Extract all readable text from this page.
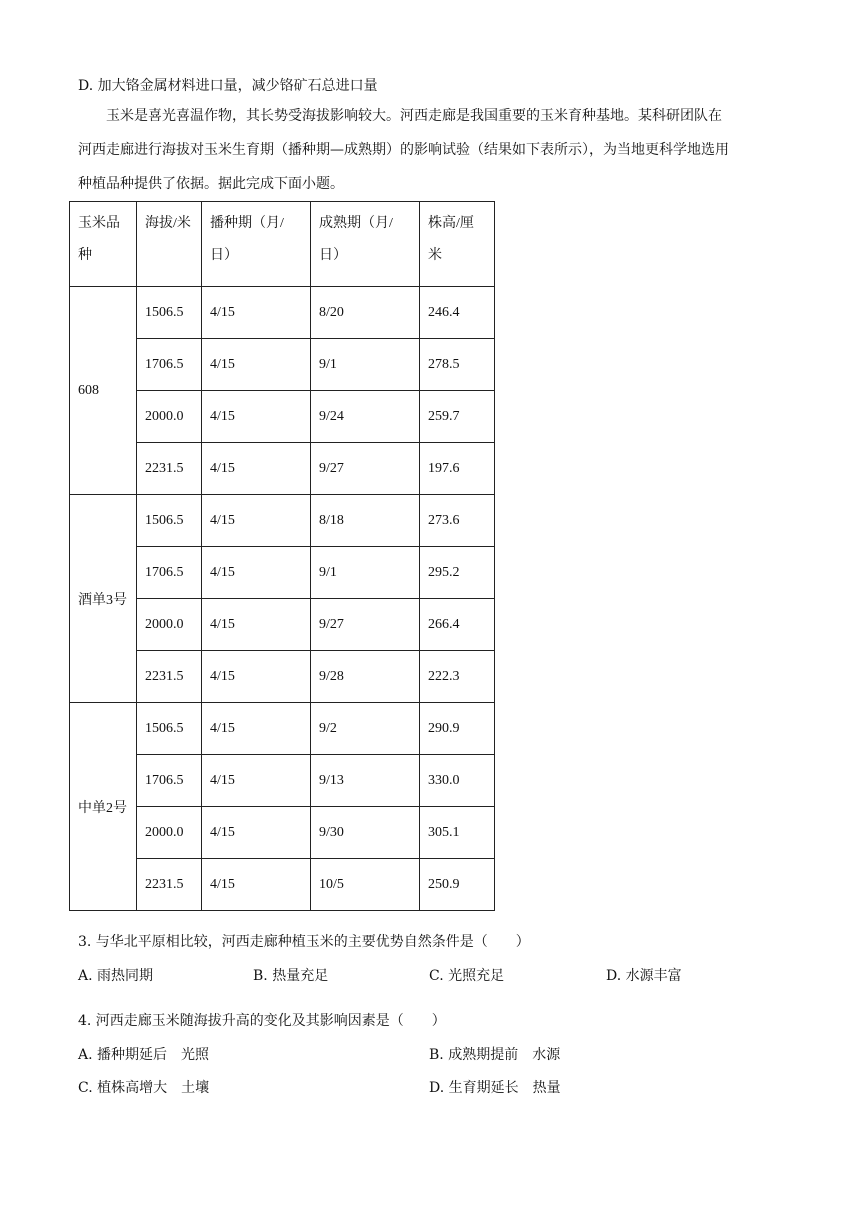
D. 加大铬金属材料进口量，减少铬矿石总进口量

玉米是喜光喜温作物，其长势受海拔影响较大。河西走廊是我国重要的玉米育种基地。某科研团队在

河西走廊进行海拔对玉米生育期（播种期—成熟期）的影响试验（结果如下表所示），为当地更科学地选用

种植品种提供了依据。据此完成下面小题。

玉米品种	海拔/米	播种期（月/日）	成熟期（月/日）	株高/厘米
608	1506.5	4/15	8/20	246.4
	1706.5	4/15	9/1	278.5
	2000.0	4/15	9/24	259.7
	2231.5	4/15	9/27	197.6
酒单3号	1506.5	4/15	8/18	273.6
	1706.5	4/15	9/1	295.2
	2000.0	4/15	9/27	266.4
	2231.5	4/15	9/28	222.3
中单2号	1506.5	4/15	9/2	290.9
	1706.5	4/15	9/13	330.0
	2000.0	4/15	9/30	305.1
	2231.5	4/15	10/5	250.9
3. 与华北平原相比较，河西走廊种植玉米的主要优势自然条件是（　　）
A. 雨热同期	B. 热量充足	C. 光照充足	D. 水源丰富
4. 河西走廊玉米随海拔升高的变化及其影响因素是（　　）
A. 播种期延后　光照	B. 成熟期提前　水源
C. 植株高增大　土壤	D. 生育期延长　热量
